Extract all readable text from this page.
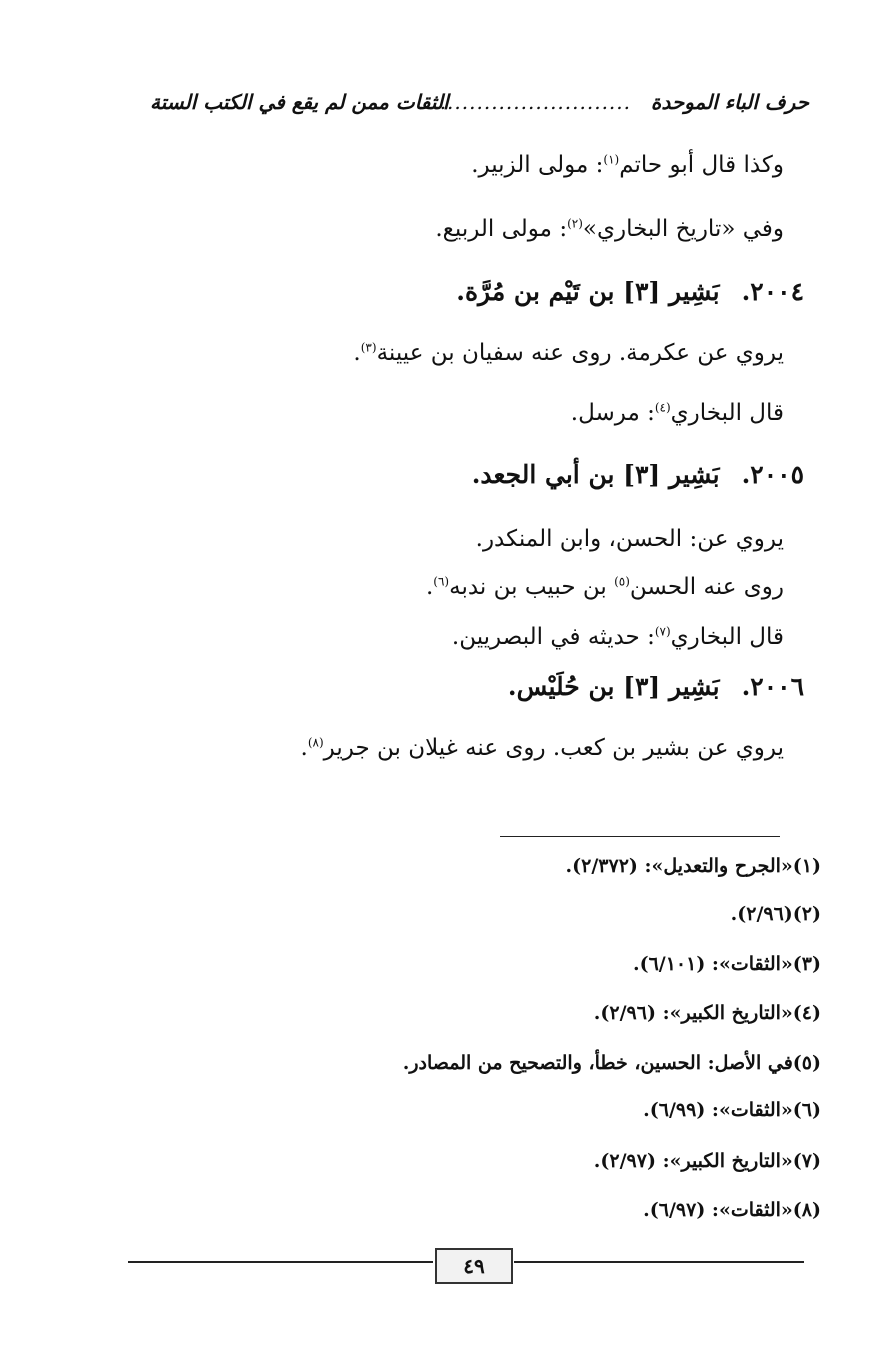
حرف الباء الموحدة
...........................
الثقات ممن لم يقع في الكتب الستة
وكذا قال أبو حاتم$^{(١)}$: مولى الزبير.
وفي «تاريخ البخاري»$^{(٢)}$: مولى الربيع.
٢٠٠٤.بَشِير [٣] بن تَيْم بن مُرَّة.
يروي عن عكرمة. روى عنه سفيان بن عيينة$^{(٣)}$.
قال البخاري$^{(٤)}$: مرسل.
٢٠٠٥.بَشِير [٣] بن أبي الجعد.
يروي عن: الحسن، وابن المنكدر.
روى عنه الحسن$^{(٥)}$ بن حبيب بن ندبه$^{(٦)}$.
قال البخاري$^{(٧)}$: حديثه في البصريين.
٢٠٠٦.بَشِير [٣] بن حُلَيْس.
يروي عن بشير بن كعب. روى عنه غيلان بن جرير$^{(٨)}$.
(١)«الجرح والتعديل»: (٢/٣٧٢).
(٢)(٢/٩٦).
(٣)«الثقات»: (٦/١٠١).
(٤)«التاريخ الكبير»: (٢/٩٦).
(٥)في الأصل: الحسين، خطأ، والتصحيح من المصادر.
(٦)«الثقات»: (٦/٩٩).
(٧)«التاريخ الكبير»: (٢/٩٧).
(٨)«الثقات»: (٦/٩٧).
٤٩
